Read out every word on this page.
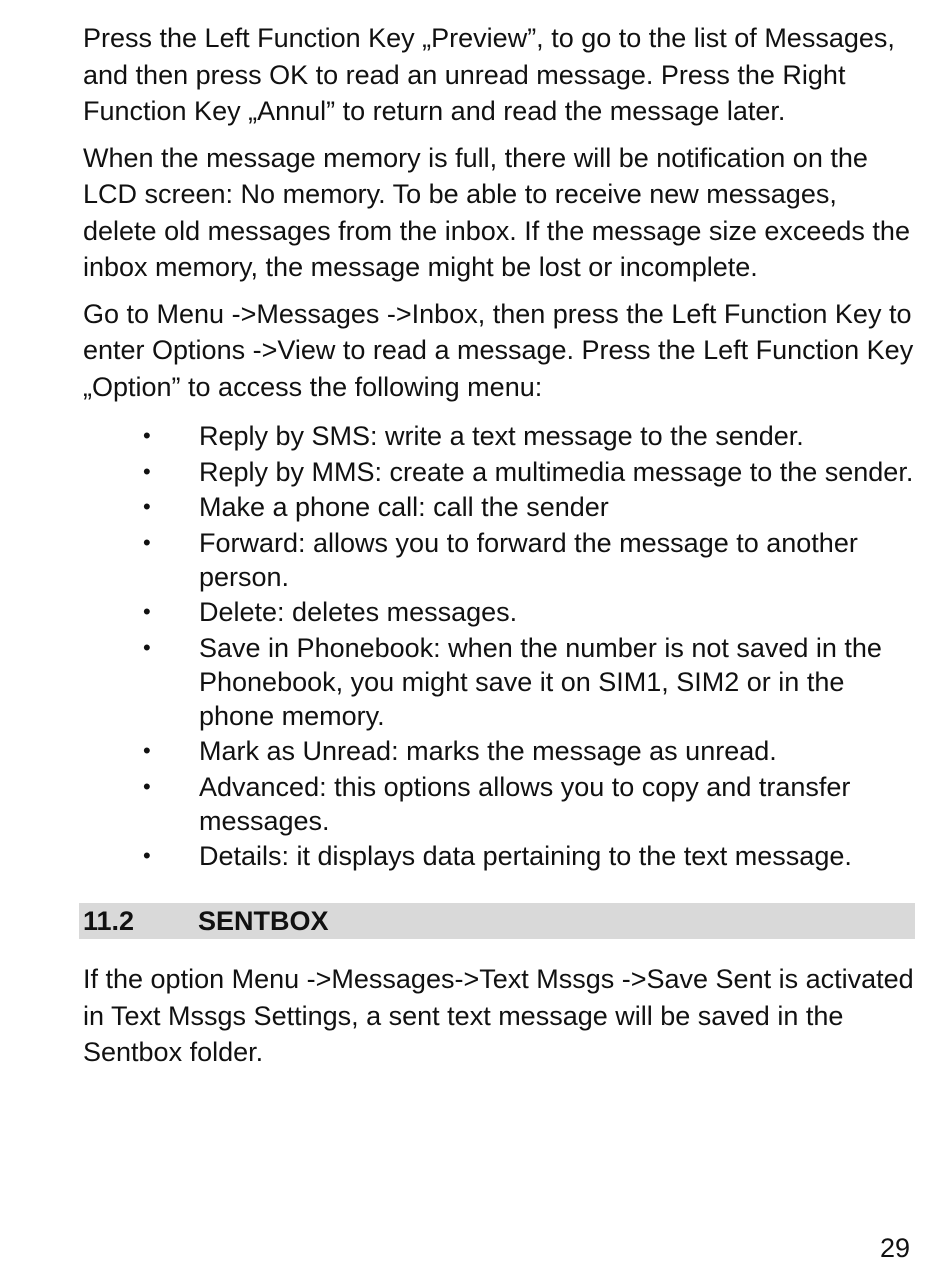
Press the Left Function Key „Preview”, to go to the list of Messages, and then press OK to read an unread message. Press the Right Function Key „Annul” to return and read the message later.

When the message memory is full, there will be notification on the LCD screen: No memory. To be able to receive new messages, delete old messages from the inbox. If the message size exceeds the inbox memory, the message might be lost or incomplete.

Go to Menu ->Messages ->Inbox, then press the Left Function Key to enter Options ->View to read a message. Press the Left Function Key „Option” to access the following menu:

• Reply by SMS: write a text message to the sender.
• Reply by MMS: create a multimedia message to the sender.
• Make a phone call: call the sender
• Forward: allows you to forward the message to another person.
• Delete: deletes messages.
• Save in Phonebook: when the number is not saved in the Phonebook, you might save it on SIM1, SIM2 or in the phone memory.
• Mark as Unread: marks the message as unread.
• Advanced: this options allows you to copy and transfer messages.
• Details: it displays data pertaining to the text message.
11.2	SENTBOX

If the option Menu ->Messages->Text Mssgs ->Save Sent is activated in Text Mssgs Settings, a sent text message will be saved in the Sentbox folder.

29
